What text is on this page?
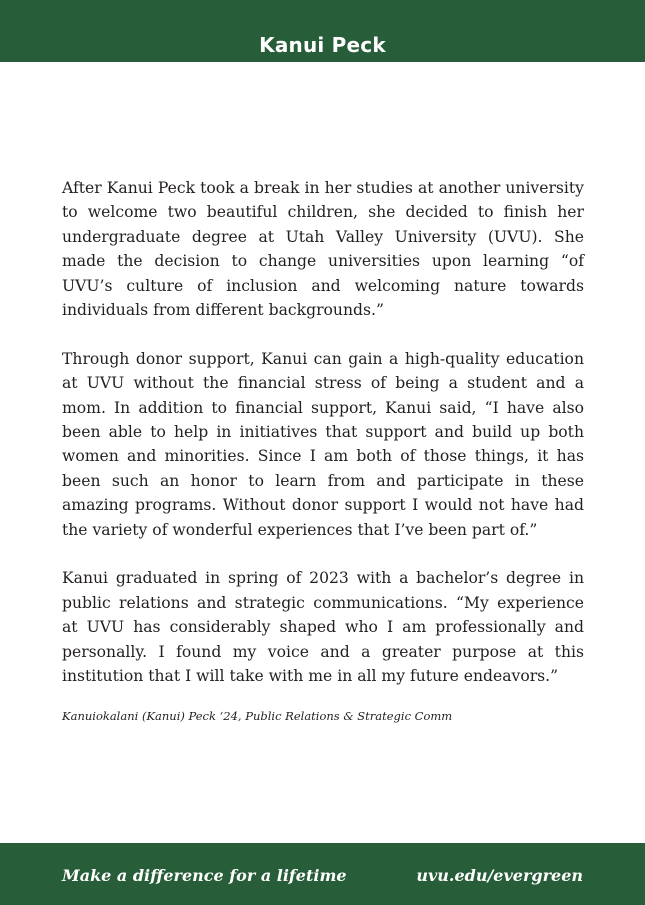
Kanui Peck

After Kanui Peck took a break in her studies at another university to welcome two beautiful children, she decided to finish her undergraduate degree at Utah Valley University (UVU). She made the decision to change universities upon learning “of UVU’s culture of inclusion and welcoming nature towards individuals from different backgrounds.”

Through donor support, Kanui can gain a high-quality education at UVU without the financial stress of being a student and a mom. In addition to financial support, Kanui said, “I have also been able to help in initiatives that support and build up both women and minorities. Since I am both of those things, it has been such an honor to learn from and participate in these amazing programs. Without donor support I would not have had the variety of wonderful experiences that I’ve been part of.”

Kanui graduated in spring of 2023 with a bachelor’s degree in public relations and strategic communications. “My experience at UVU has considerably shaped who I am professionally and personally. I found my voice and a greater purpose at this institution that I will take with me in all my future endeavors.”

Kanuiokalani (Kanui) Peck ‘24, Public Relations & Strategic Comm
Make a difference for a lifetime	uvu.edu/evergreen
